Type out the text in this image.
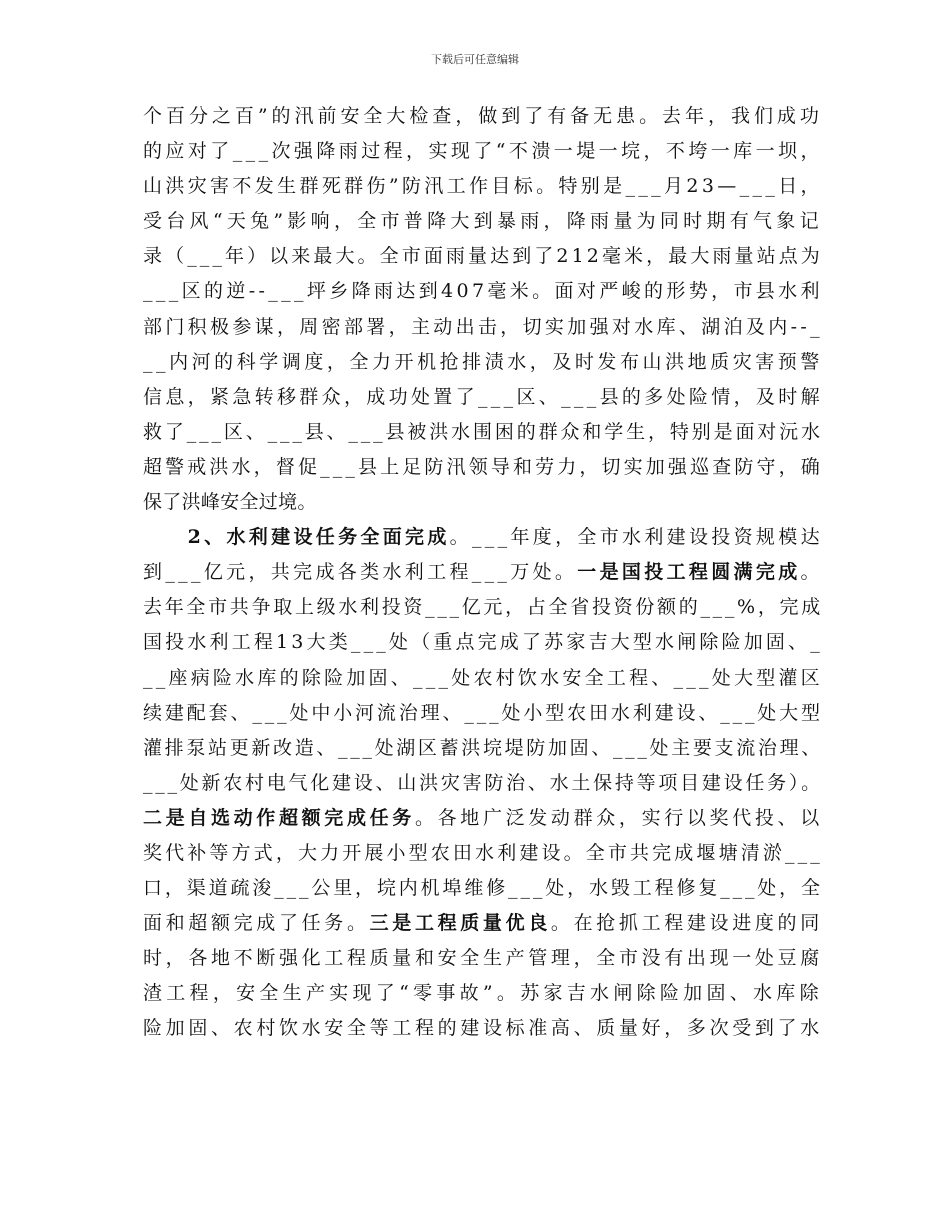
下载后可任意编辑
个百分之百”的汛前安全大检查，做到了有备无患。去年，我们成功
的应对了___次强降雨过程，实现了“不溃一堤一垸，不垮一库一坝，
山洪灾害不发生群死群伤”防汛工作目标。特别是___月23—___日，
受台风“天兔”影响，全市普降大到暴雨，降雨量为同时期有气象记
录（___年）以来最大。全市面雨量达到了212毫米，最大雨量站点为
___区的逆--___坪乡降雨达到407毫米。面对严峻的形势，市县水利
部门积极参谋，周密部署，主动出击，切实加强对水库、湖泊及内--_
__内河的科学调度，全力开机抢排渍水，及时发布山洪地质灾害预警
信息，紧急转移群众，成功处置了___区、___县的多处险情，及时解
救了___区、___县、___县被洪水围困的群众和学生，特别是面对沅水
超警戒洪水，督促___县上足防汛领导和劳力，切实加强巡查防守，确
保了洪峰安全过境。
　　2、水利建设任务全面完成。___年度，全市水利建设投资规模达
到___亿元，共完成各类水利工程___万处。一是国投工程圆满完成。
去年全市共争取上级水利投资___亿元，占全省投资份额的___%，完成
国投水利工程13大类___处（重点完成了苏家吉大型水闸除险加固、_
__座病险水库的除险加固、___处农村饮水安全工程、___处大型灌区
续建配套、___处中小河流治理、___处小型农田水利建设、___处大型
灌排泵站更新改造、___处湖区蓄洪垸堤防加固、___处主要支流治理、
___处新农村电气化建设、山洪灾害防治、水土保持等项目建设任务）。
二是自选动作超额完成任务。各地广泛发动群众，实行以奖代投、以
奖代补等方式，大力开展小型农田水利建设。全市共完成堰塘清淤___
口，渠道疏浚___公里，垸内机埠维修___处，水毁工程修复___处，全
面和超额完成了任务。三是工程质量优良。在抢抓工程建设进度的同
时，各地不断强化工程质量和安全生产管理，全市没有出现一处豆腐
渣工程，安全生产实现了“零事故”。苏家吉水闸除险加固、水库除
险加固、农村饮水安全等工程的建设标准高、质量好，多次受到了水
